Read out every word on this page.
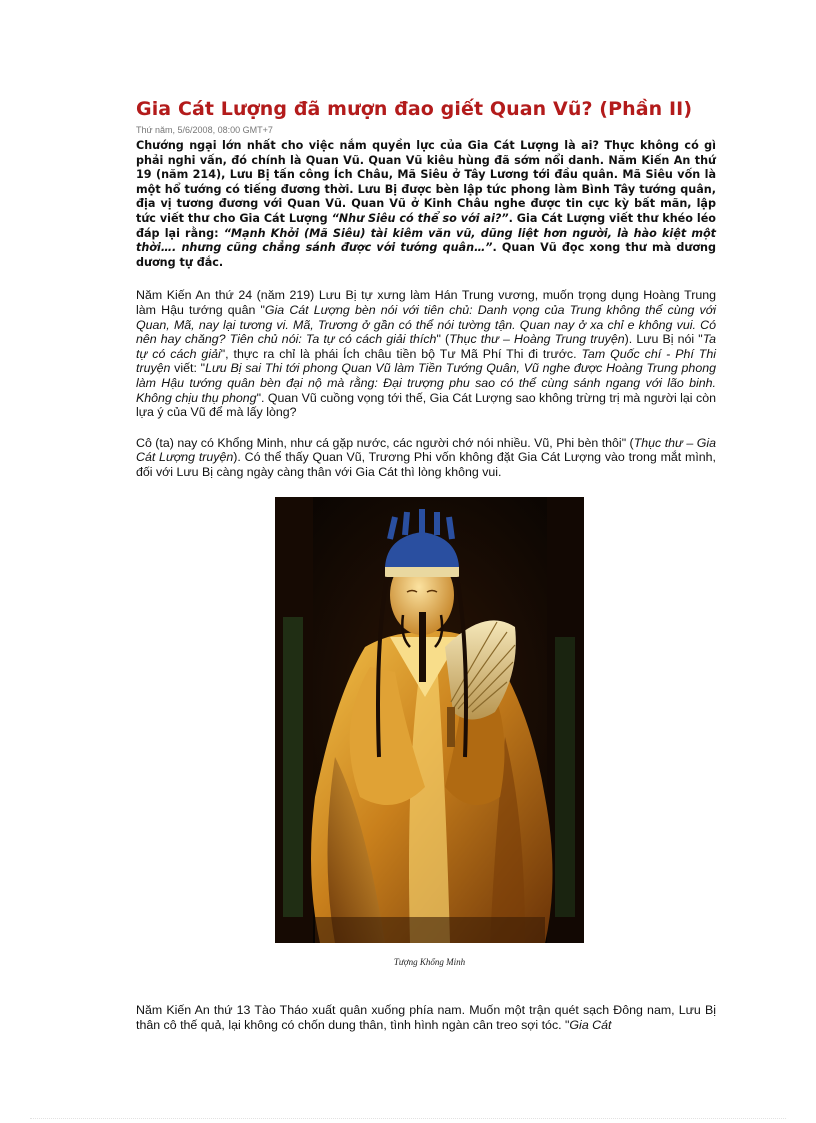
Gia Cát Lượng đã mượn đao giết Quan Vũ? (Phần II)
Thứ năm, 5/6/2008, 08:00 GMT+7
Chướng ngại lớn nhất cho việc nắm quyền lực của Gia Cát Lượng là ai? Thực không có gì phải nghi vấn, đó chính là Quan Vũ. Quan Vũ kiêu hùng đã sớm nổi danh. Năm Kiến An thứ 19 (năm 214), Lưu Bị tấn công Ích Châu, Mã Siêu ở Tây Lương tới đầu quân. Mã Siêu vốn là một hổ tướng có tiếng đương thời. Lưu Bị được bèn lập tức phong làm Bình Tây tướng quân, địa vị tương đương với Quan Vũ. Quan Vũ ở Kinh Châu nghe được tin cực kỳ bất mãn, lập tức viết thư cho Gia Cát Lượng “Như Siêu có thể so với ai?”. Gia Cát Lượng viết thư khéo léo đáp lại rằng: “Mạnh Khởi (Mã Siêu) tài kiêm văn vũ, dũng liệt hơn người, là hào kiệt một thời…. nhưng cũng chẳng sánh được với tướng quân…”. Quan Vũ đọc xong thư mà dương dương tự đắc.
Năm Kiến An thứ 24 (năm 219) Lưu Bị tự xưng làm Hán Trung vương, muốn trọng dụng Hoàng Trung làm Hậu tướng quân "Gia Cát Lượng bèn nói với tiên chủ: Danh vọng của Trung không thể cùng với Quan, Mã, nay lại tương vi. Mã, Trương ở gần có thể nói tường tận. Quan nay ở xa chỉ e không vui. Có nên hay chăng? Tiên chủ nói: Ta tự có cách giải thích" (Thục thư – Hoàng Trung truyện). Lưu Bị nói "Ta tự có cách giải", thực ra chỉ là phái Ích châu tiền bộ Tư Mã Phí Thi đi trước. Tam Quốc chí - Phí Thi truyện viết: "Lưu Bị sai Thi tới phong Quan Vũ làm Tiền Tướng Quân, Vũ nghe được Hoàng Trung phong làm Hậu tướng quân bèn đại nộ mà rằng: Đại trượng phu sao có thể cùng sánh ngang với lão binh. Không chịu thụ phong". Quan Vũ cuồng vọng tới thế, Gia Cát Lượng sao không trừng trị mà người lại còn lựa ý của Vũ để mà lấy lòng?
Cô (ta) nay có Khổng Minh, như cá gặp nước, các người chớ nói nhiều. Vũ, Phi bèn thôi" (Thục thư – Gia Cát Lượng truyện). Có thể thấy Quan Vũ, Trương Phi vốn không đặt Gia Cát Lượng vào trong mắt mình, đối với Lưu Bị càng ngày càng thân với Gia Cát thì lòng không vui.
Tượng Khổng Minh
Năm Kiến An thứ 13 Tào Tháo xuất quân xuống phía nam. Muốn một trận quét sạch Đông nam, Lưu Bị thân cô thế quả, lại không có chốn dung thân, tình hình ngàn cân treo sợi tóc. "Gia Cát
